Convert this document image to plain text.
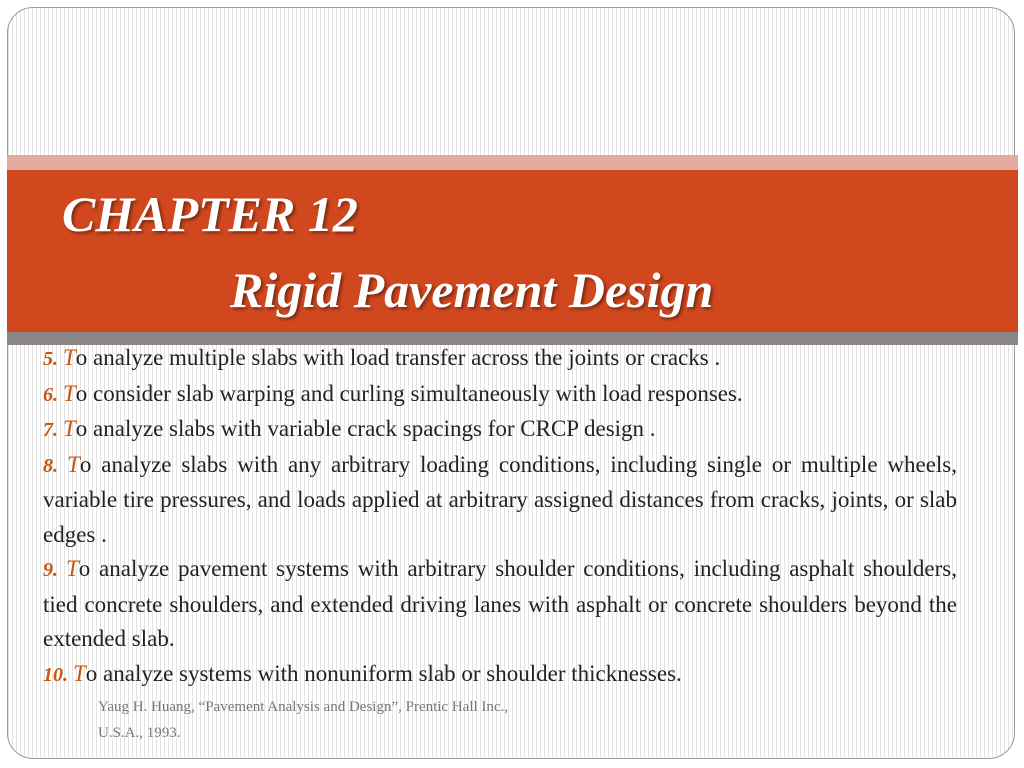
CHAPTER 12
Rigid Pavement Design

5. To analyze multiple slabs with load transfer across the joints or cracks .

6. To consider slab warping and curling simultaneously with load responses.

7. To analyze slabs with variable crack spacings for CRCP design .

8. To analyze slabs with any arbitrary loading conditions, including single or multiple wheels, variable tire pressures, and loads applied at arbitrary assigned distances from cracks, joints, or slab edges .

9. To analyze pavement systems with arbitrary shoulder conditions, including asphalt shoulders, tied concrete shoulders, and extended driving lanes with asphalt or concrete shoulders beyond the extended slab.

10. To analyze systems with nonuniform slab or shoulder thicknesses.

Yaug H. Huang, “Pavement Analysis and Design”, Prentic Hall Inc.,
U.S.A., 1993.
